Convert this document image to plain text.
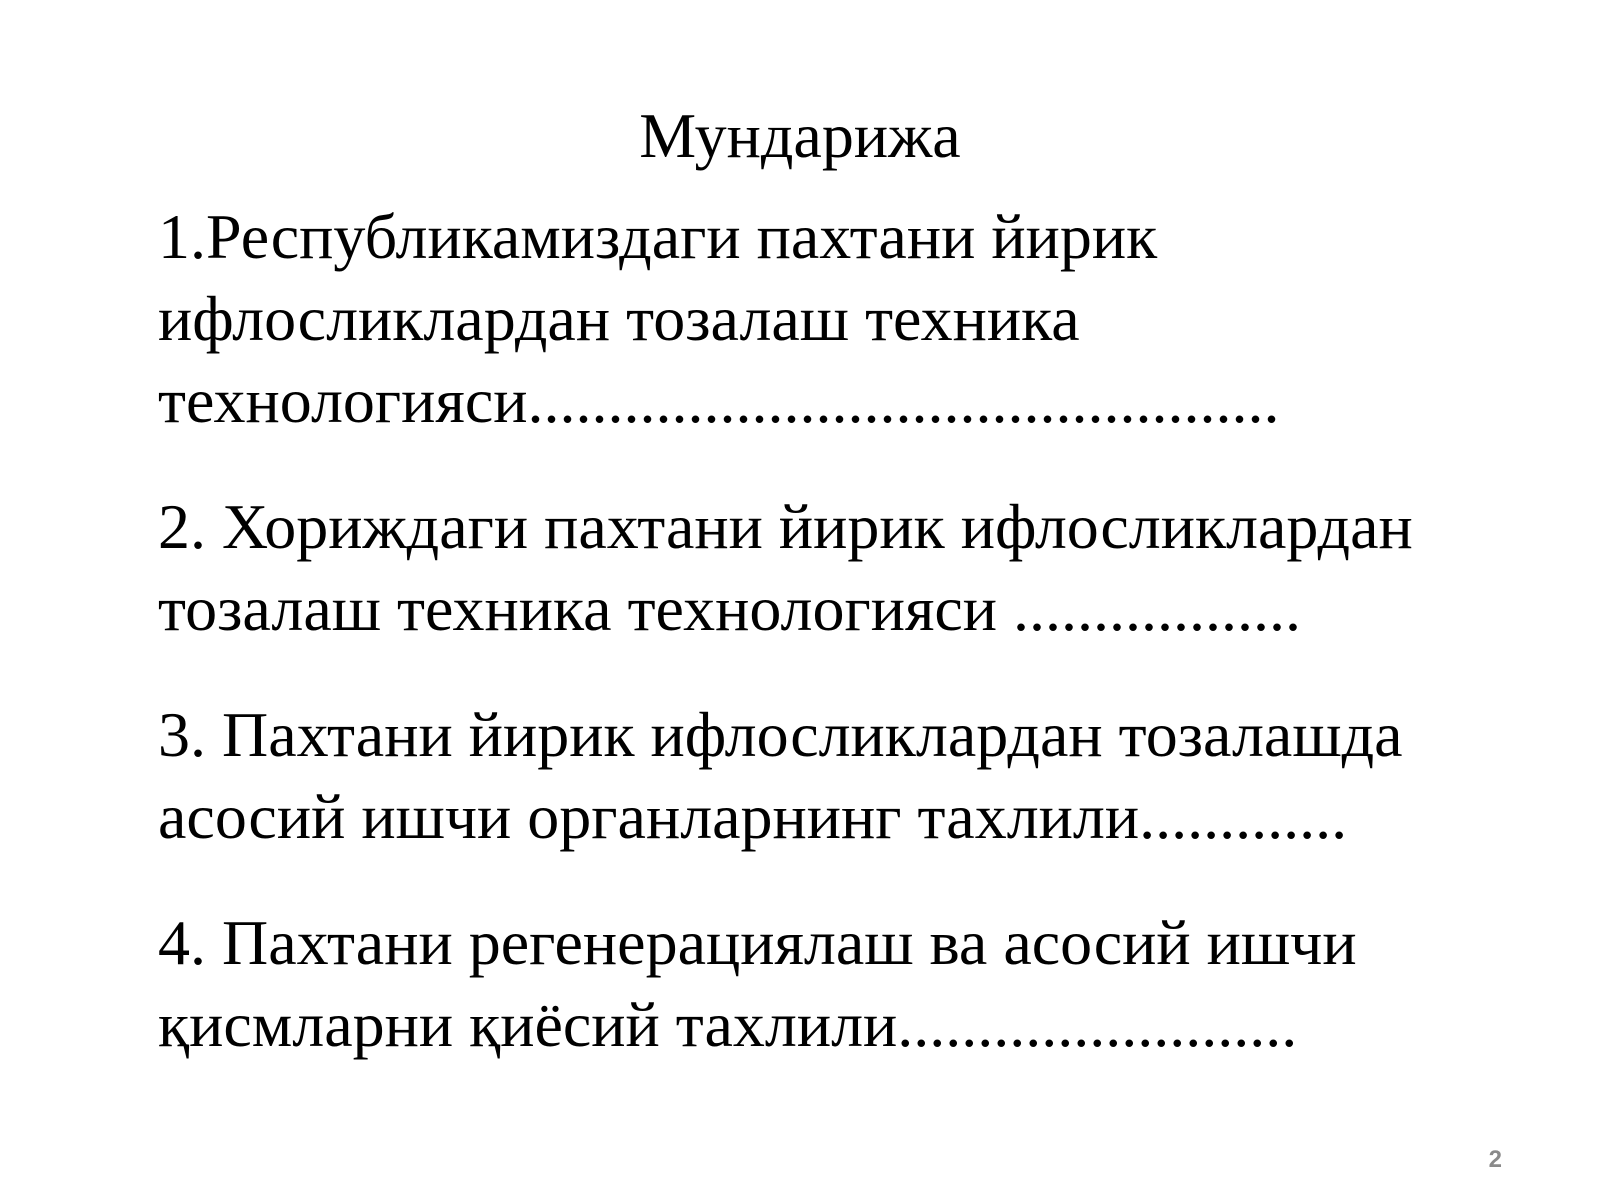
Мундарижа
1.Республикамиздаги пахтани йирик
ифлосликлардан тозалаш техника
технологияси...............................................
2. Хориждаги пахтани йирик ифлосликлардан
тозалаш техника технологияси ..................
3. Пахтани йирик ифлосликлардан тозалашда
асосий ишчи органларнинг тахлили.............
4. Пахтани регенерациялаш ва асосий ишчи
қисмларни қиёсий тахлили.........................
2
